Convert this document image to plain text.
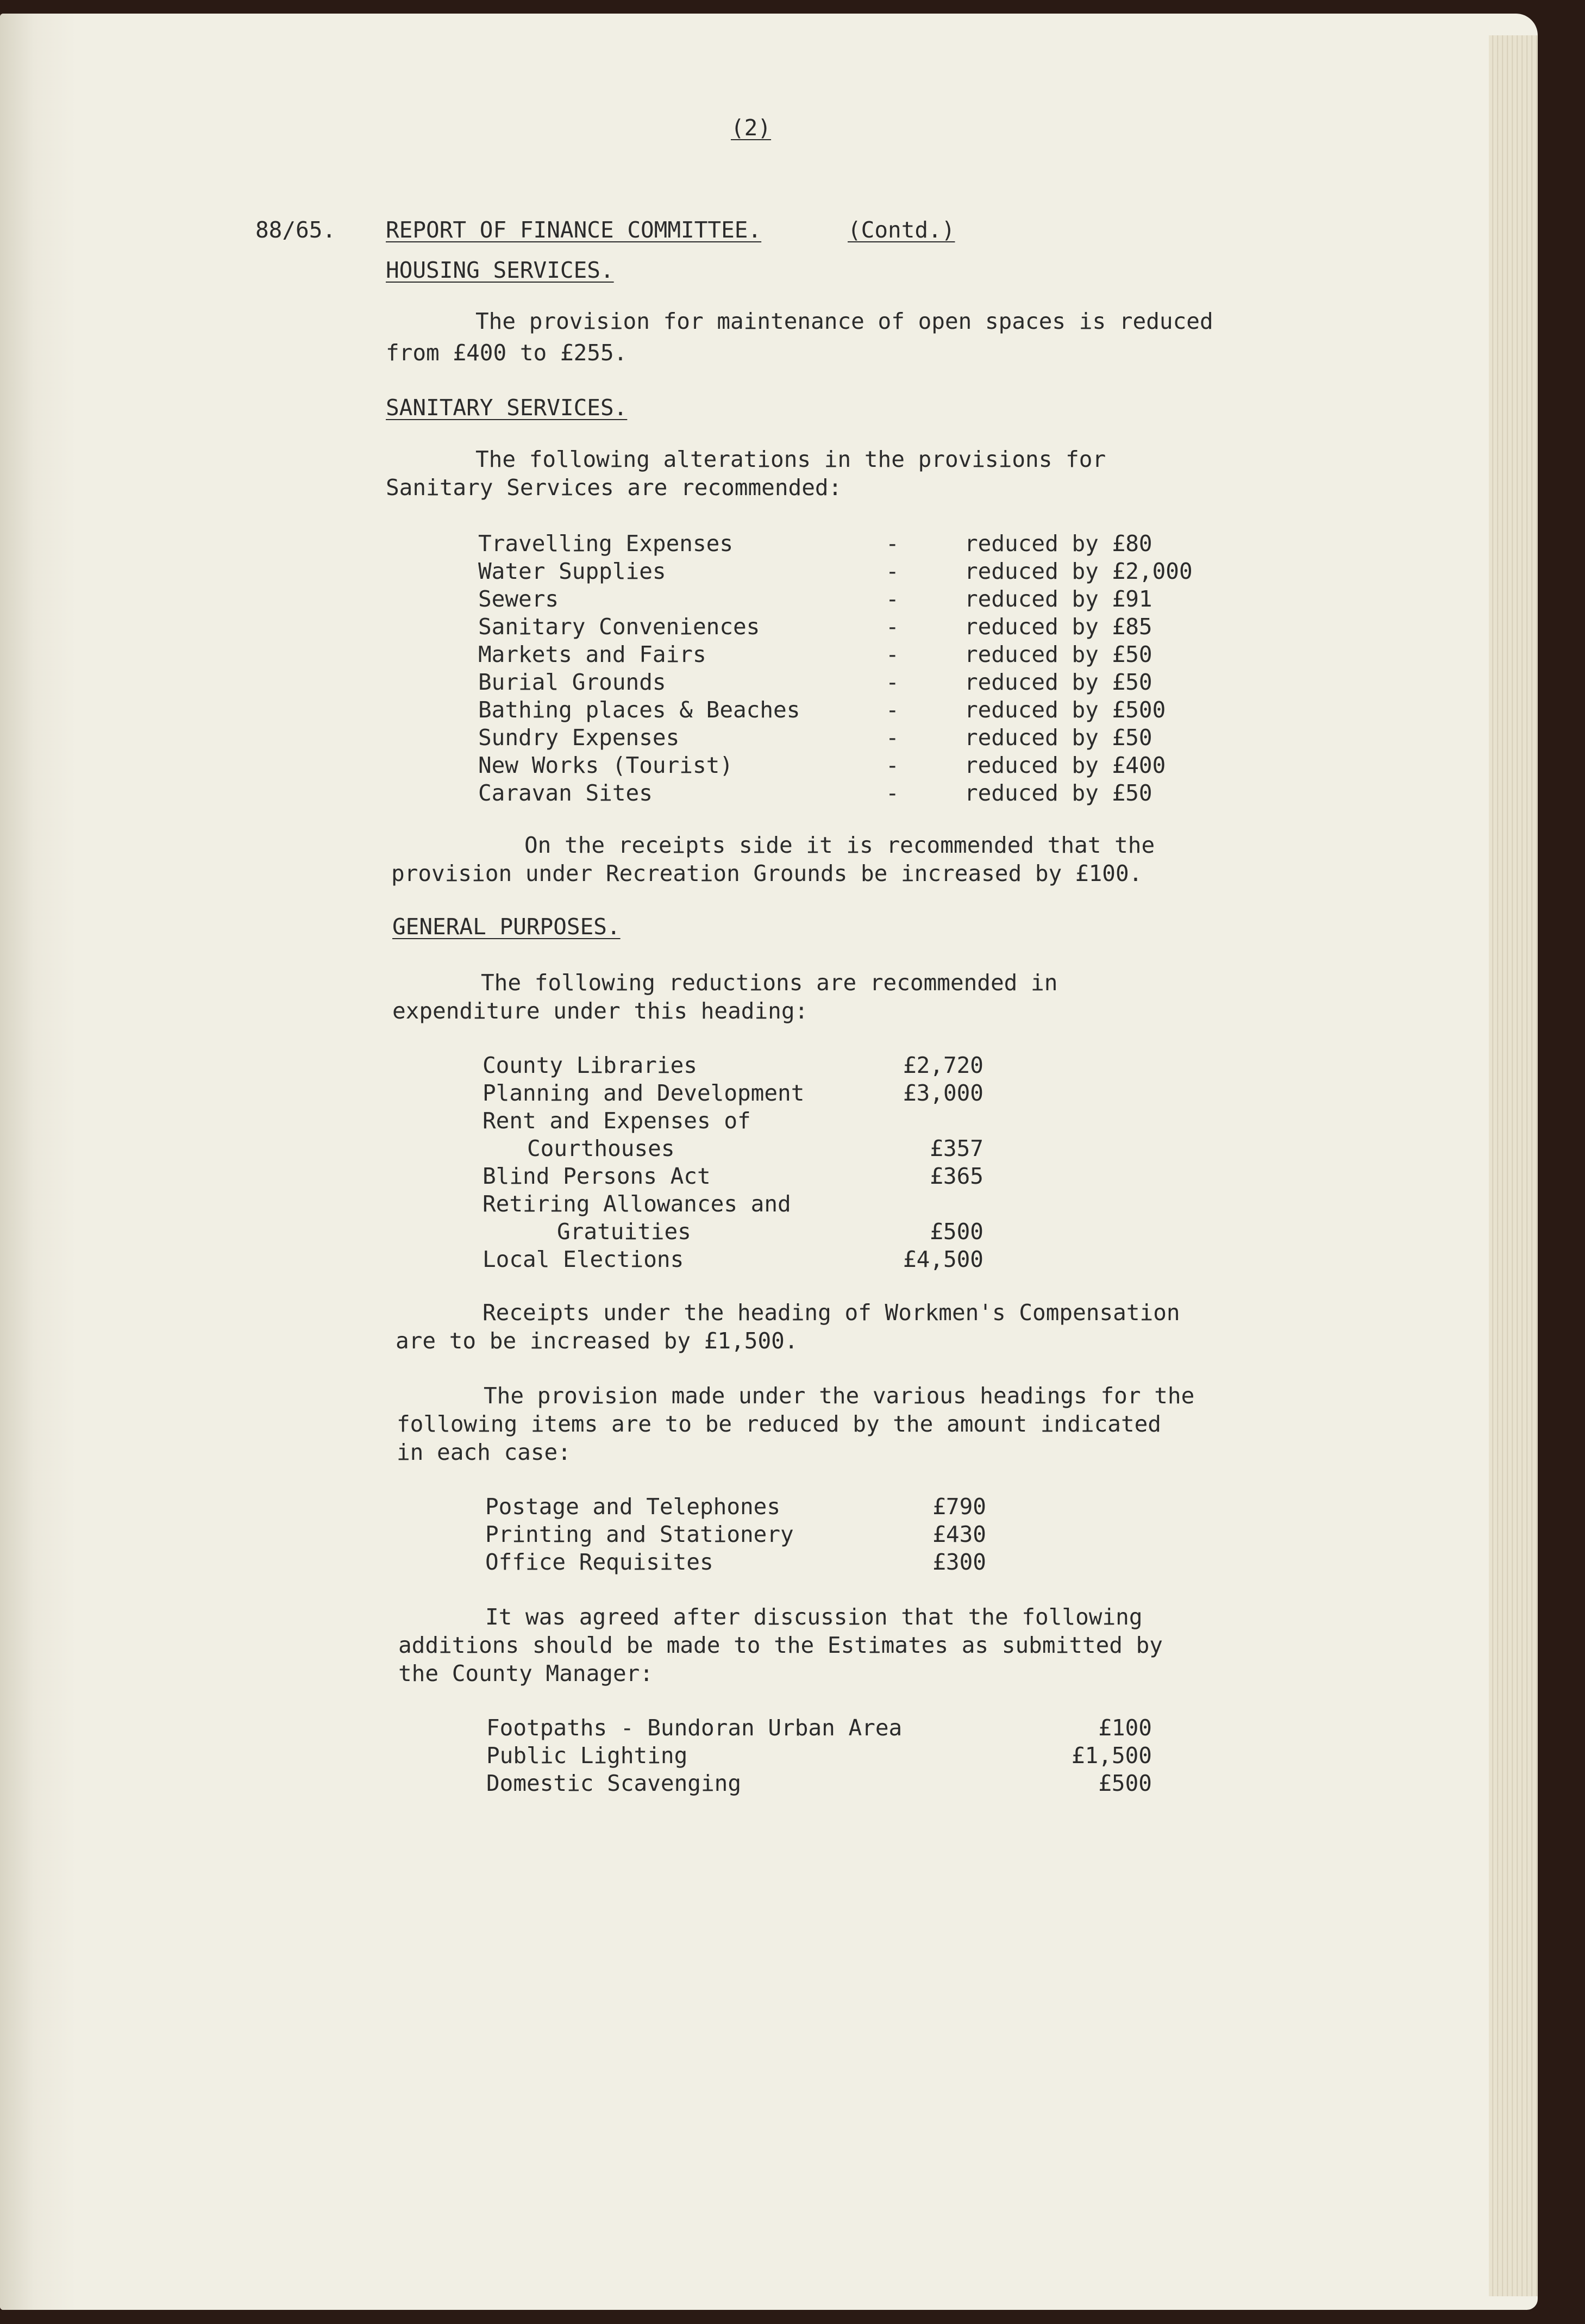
(2)
88/65. REPORT OF FINANCE COMMITTEE.	(Contd.)
HOUSING SERVICES.
The provision for maintenance of open spaces is reduced
from £400 to £255.
SANITARY SERVICES.
The following alterations in the provisions for
Sanitary Services are recommended:
Travelling Expenses	-	reduced by £80
Water Supplies	-	reduced by £2,000
Sewers	-	reduced by £91
Sanitary Conveniences	-	reduced by £85
Markets and Fairs	-	reduced by £50
Burial Grounds	-	reduced by £50
Bathing places & Beaches	-	reduced by £500
Sundry Expenses	-	reduced by £50
New Works (Tourist)	-	reduced by £400
Caravan Sites	-	reduced by £50
On the receipts side it is recommended that the
provision under Recreation Grounds be increased by £100.
GENERAL PURPOSES.
The following reductions are recommended in
expenditure under this heading:
County Libraries	£2,720
Planning and Development	£3,000
Rent and Expenses of
Courthouses	£357
Blind Persons Act	£365
Retiring Allowances and
Gratuities	£500
Local Elections	£4,500
Receipts under the heading of Workmen's Compensation
are to be increased by £1,500.
The provision made under the various headings for the
following items are to be reduced by the amount indicated
in each case:
Postage and Telephones	£790
Printing and Stationery	£430
Office Requisites	£300
It was agreed after discussion that the following
additions should be made to the Estimates as submitted by
the County Manager:
Footpaths - Bundoran Urban Area	£100
Public Lighting	£1,500
Domestic Scavenging	£500
